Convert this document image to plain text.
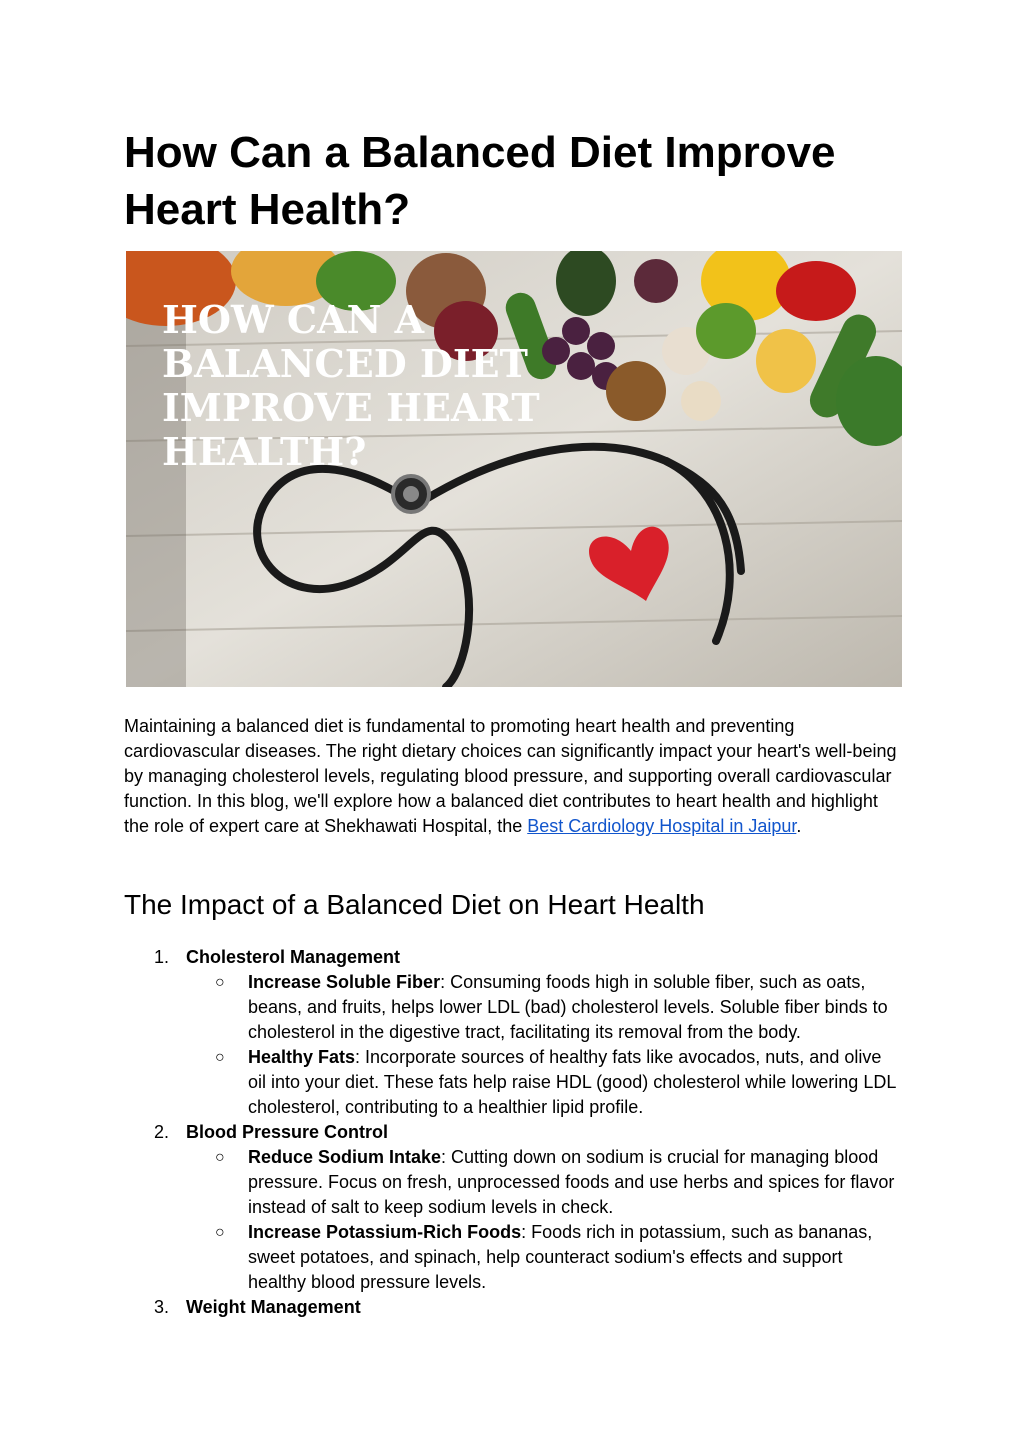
How Can a Balanced Diet Improve Heart Health?
HOW CAN A
BALANCED DIET
IMPROVE HEART
HEALTH?

Maintaining a balanced diet is fundamental to promoting heart health and preventing cardiovascular diseases. The right dietary choices can significantly impact your heart's well-being by managing cholesterol levels, regulating blood pressure, and supporting overall cardiovascular function. In this blog, we'll explore how a balanced diet contributes to heart health and highlight the role of expert care at Shekhawati Hospital, the Best Cardiology Hospital in Jaipur.

The Impact of a Balanced Diet on Heart Health
1. Cholesterol Management
○ Increase Soluble Fiber: Consuming foods high in soluble fiber, such as oats, beans, and fruits, helps lower LDL (bad) cholesterol levels. Soluble fiber binds to cholesterol in the digestive tract, facilitating its removal from the body.
○ Healthy Fats: Incorporate sources of healthy fats like avocados, nuts, and olive oil into your diet. These fats help raise HDL (good) cholesterol while lowering LDL cholesterol, contributing to a healthier lipid profile.
2. Blood Pressure Control
○ Reduce Sodium Intake: Cutting down on sodium is crucial for managing blood pressure. Focus on fresh, unprocessed foods and use herbs and spices for flavor instead of salt to keep sodium levels in check.
○ Increase Potassium-Rich Foods: Foods rich in potassium, such as bananas, sweet potatoes, and spinach, help counteract sodium's effects and support healthy blood pressure levels.
3. Weight Management
